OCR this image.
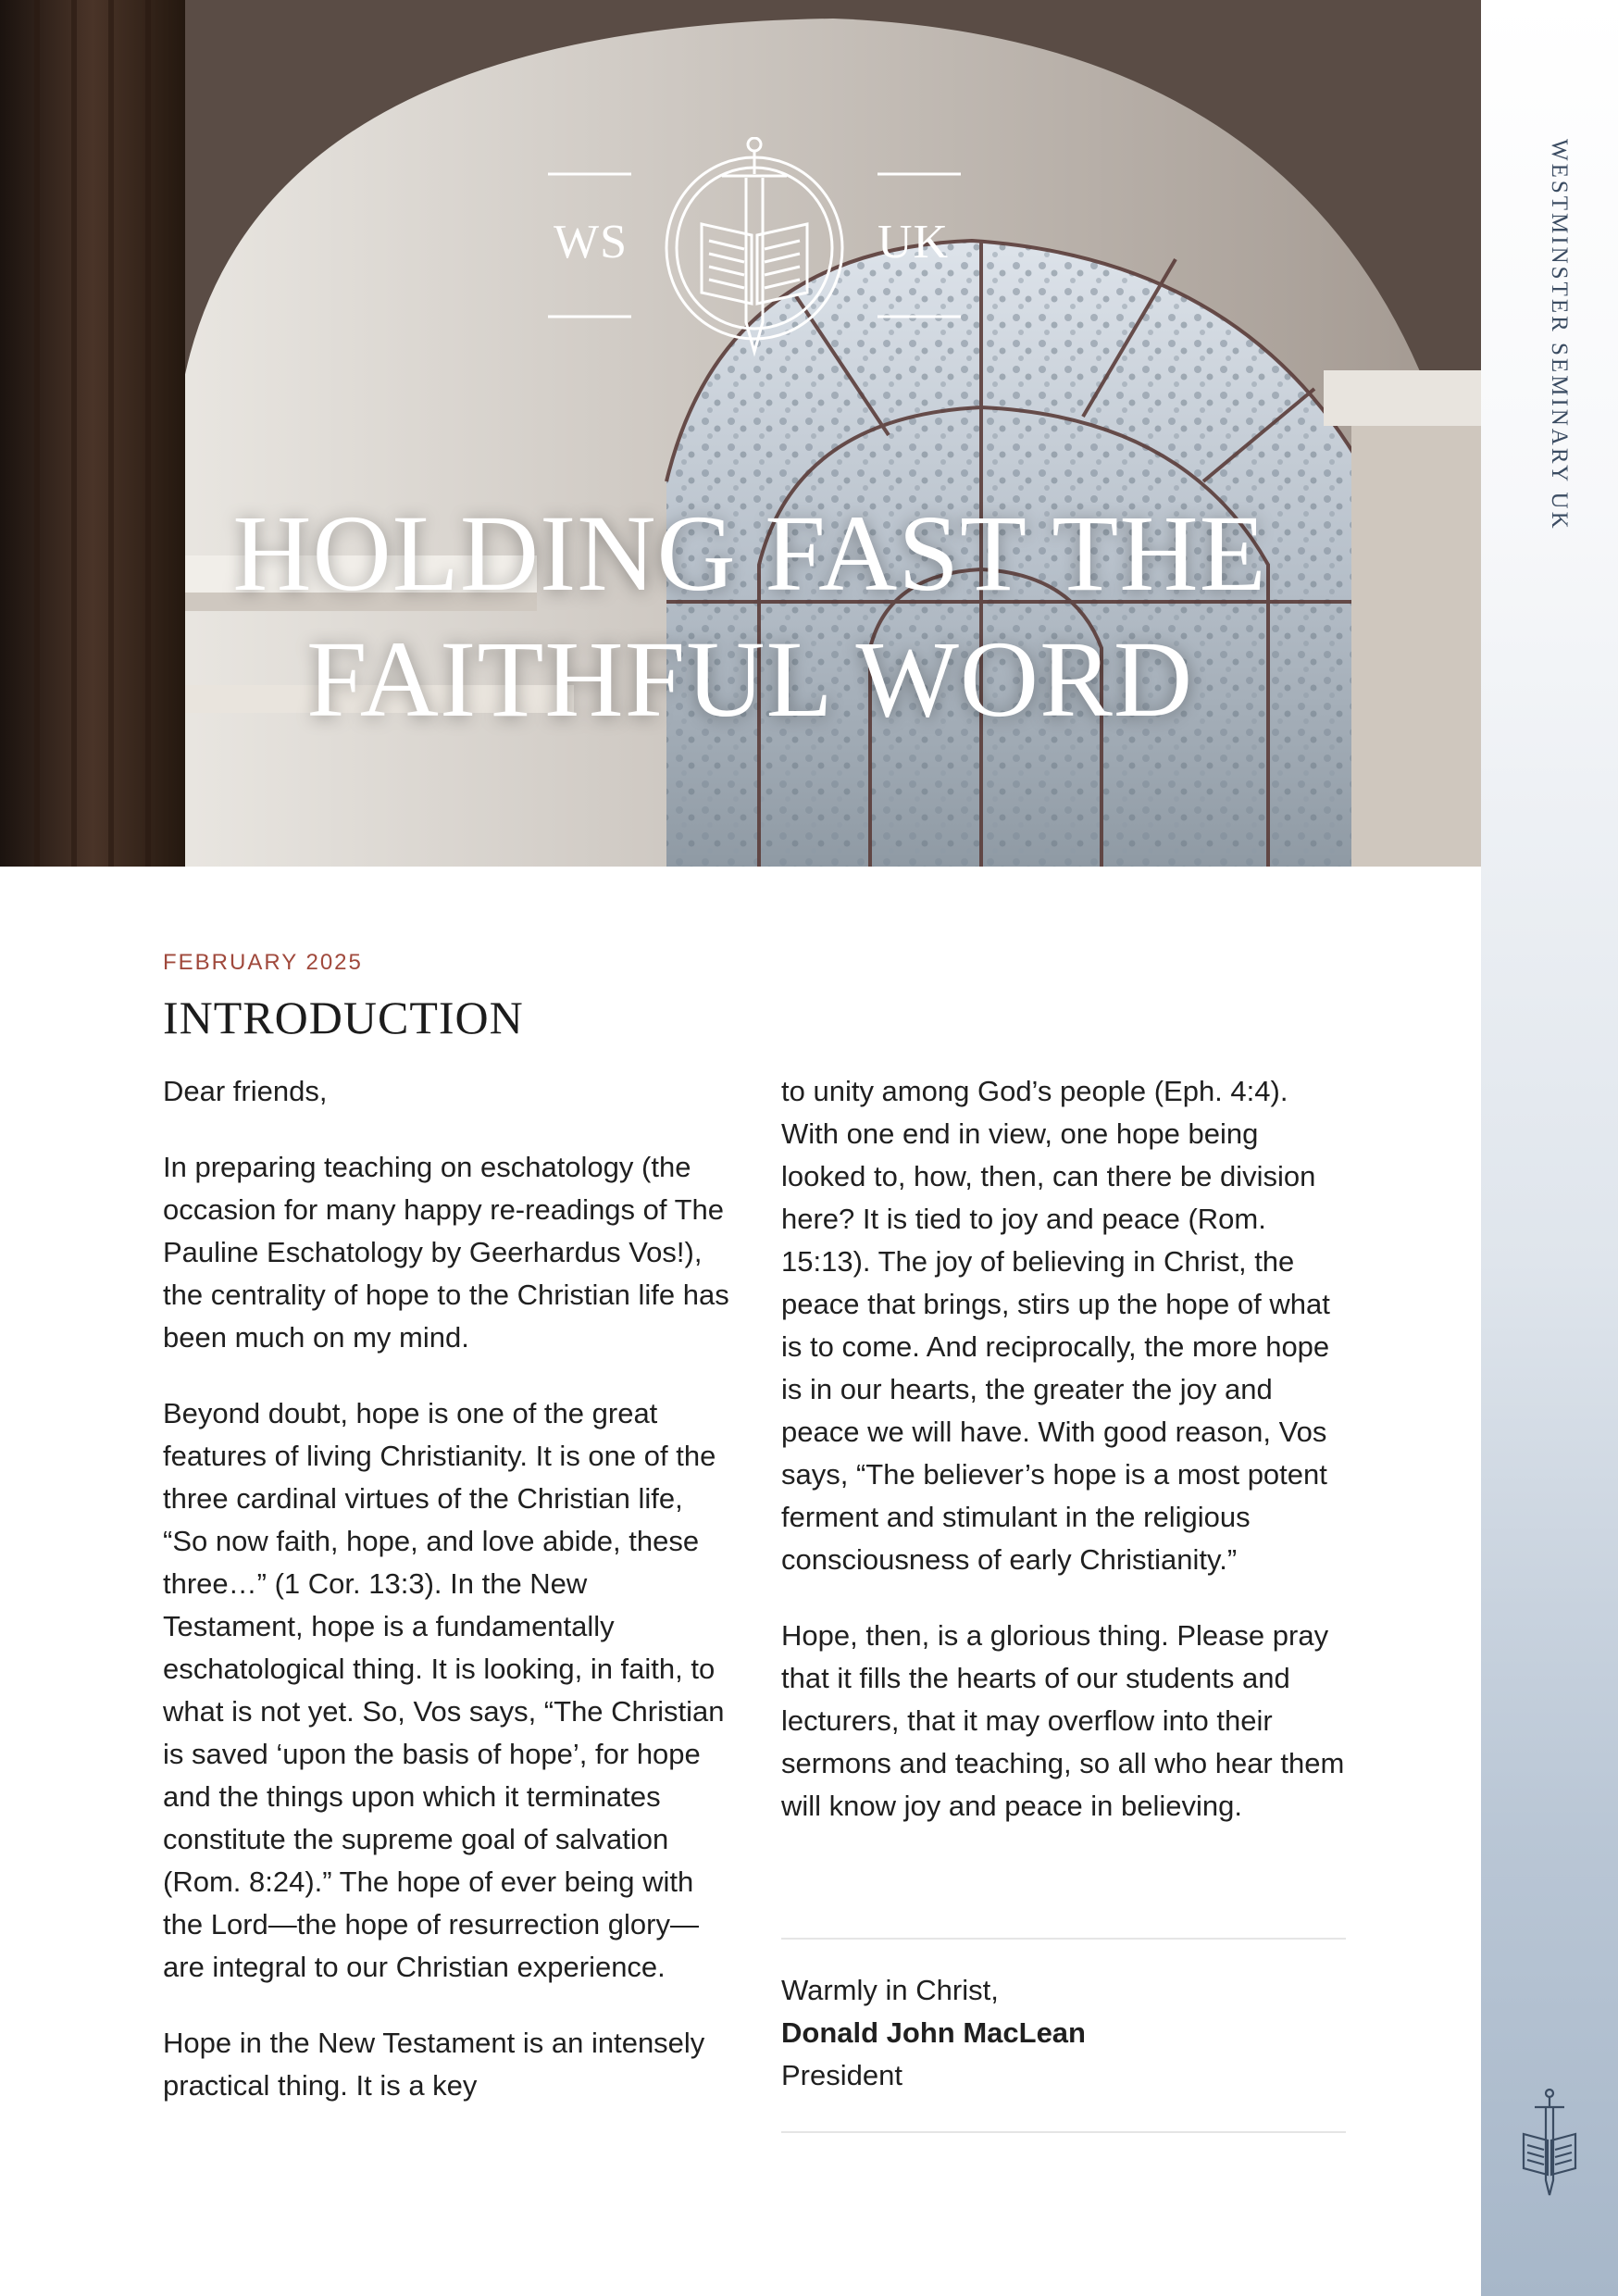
WS	UK
HOLDING FAST THE
FAITHFUL WORD
WESTMINSTER SEMINARY UK

FEBRUARY 2025

INTRODUCTION

Dear friends,

In preparing teaching on eschatology (the occasion for many happy re-readings of The Pauline Eschatology by Geerhardus Vos!), the centrality of hope to the Christian life has been much on my mind.

Beyond doubt, hope is one of the great features of living Christianity. It is one of the three cardinal virtues of the Christian life, “So now faith, hope, and love abide, these three…” (1 Cor. 13:3). In the New Testament, hope is a fundamentally eschatological thing. It is looking, in faith, to what is not yet. So, Vos says, “The Christian is saved ‘upon the basis of hope’, for hope and the things upon which it terminates constitute the supreme goal of salvation (Rom. 8:24).” The hope of ever being with the Lord—the hope of resurrection glory—are integral to our Christian experience.

Hope in the New Testament is an intensely practical thing. It is a key

to unity among God’s people (Eph. 4:4). With one end in view, one hope being looked to, how, then, can there be division here? It is tied to joy and peace (Rom. 15:13). The joy of believing in Christ, the peace that brings, stirs up the hope of what is to come. And reciprocally, the more hope is in our hearts, the greater the joy and peace we will have. With good reason, Vos says, “The believer’s hope is a most potent ferment and stimulant in the religious consciousness of early Christianity.”

Hope, then, is a glorious thing. Please pray that it fills the hearts of our students and lecturers, that it may overflow into their sermons and teaching, so all who hear them will know joy and peace in believing.

Warmly in Christ,
Donald John MacLean
President
